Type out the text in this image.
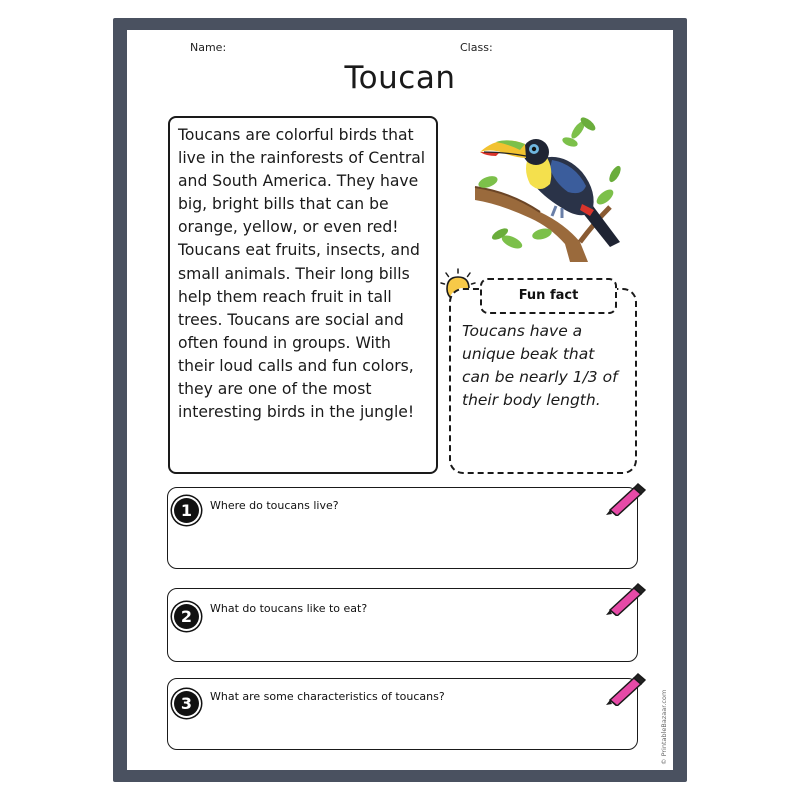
Name:	Class:
Toucan
Toucans are colorful birds that live in the rainforests of Central and South America. They have big, bright bills that can be orange, yellow, or even red! Toucans eat fruits, insects, and small animals. Their long bills help them reach fruit in tall trees. Toucans are social and often found in groups. With their loud calls and fun colors, they are one of the most interesting birds in the jungle!
Toucans have a unique beak that can be nearly 1/3 of their body length.
Fun fact
1
2
3
Where do toucans live?
What do toucans like to eat?
What are some characteristics of toucans?	© PrintableBazaar.com
